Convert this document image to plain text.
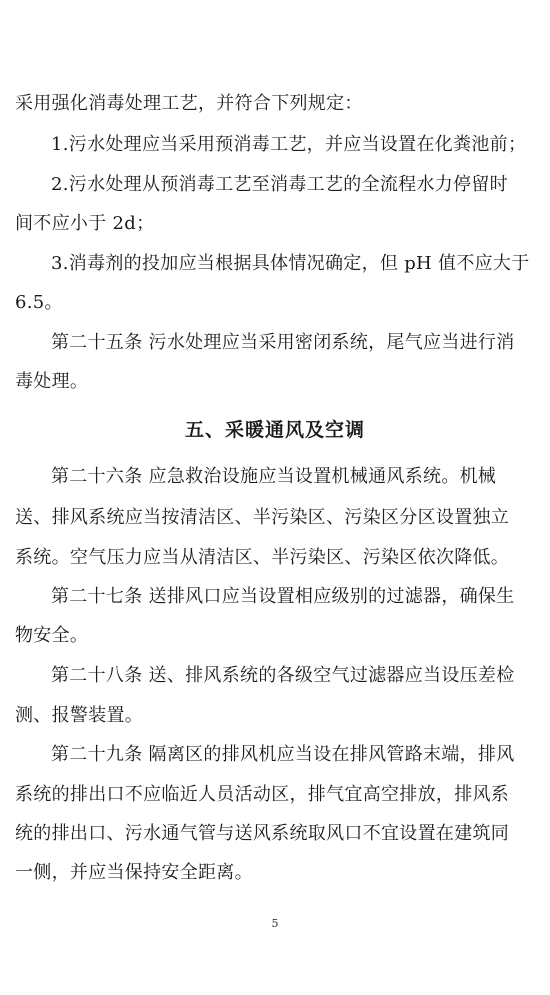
采用强化消毒处理工艺，并符合下列规定：
1.污水处理应当采用预消毒工艺，并应当设置在化粪池前；
2.污水处理从预消毒工艺至消毒工艺的全流程水力停留时
间不应小于 2d；
3.消毒剂的投加应当根据具体情况确定，但 pH 值不应大于
6.5。
第二十五条 污水处理应当采用密闭系统，尾气应当进行消
毒处理。
五、采暖通风及空调
第二十六条 应急救治设施应当设置机械通风系统。机械
送、排风系统应当按清洁区、半污染区、污染区分区设置独立
系统。空气压力应当从清洁区、半污染区、污染区依次降低。
第二十七条 送排风口应当设置相应级别的过滤器，确保生
物安全。
第二十八条 送、排风系统的各级空气过滤器应当设压差检
测、报警装置。
第二十九条 隔离区的排风机应当设在排风管路末端，排风
系统的排出口不应临近人员活动区，排气宜高空排放，排风系
统的排出口、污水通气管与送风系统取风口不宜设置在建筑同
一侧，并应当保持安全距离。
5
